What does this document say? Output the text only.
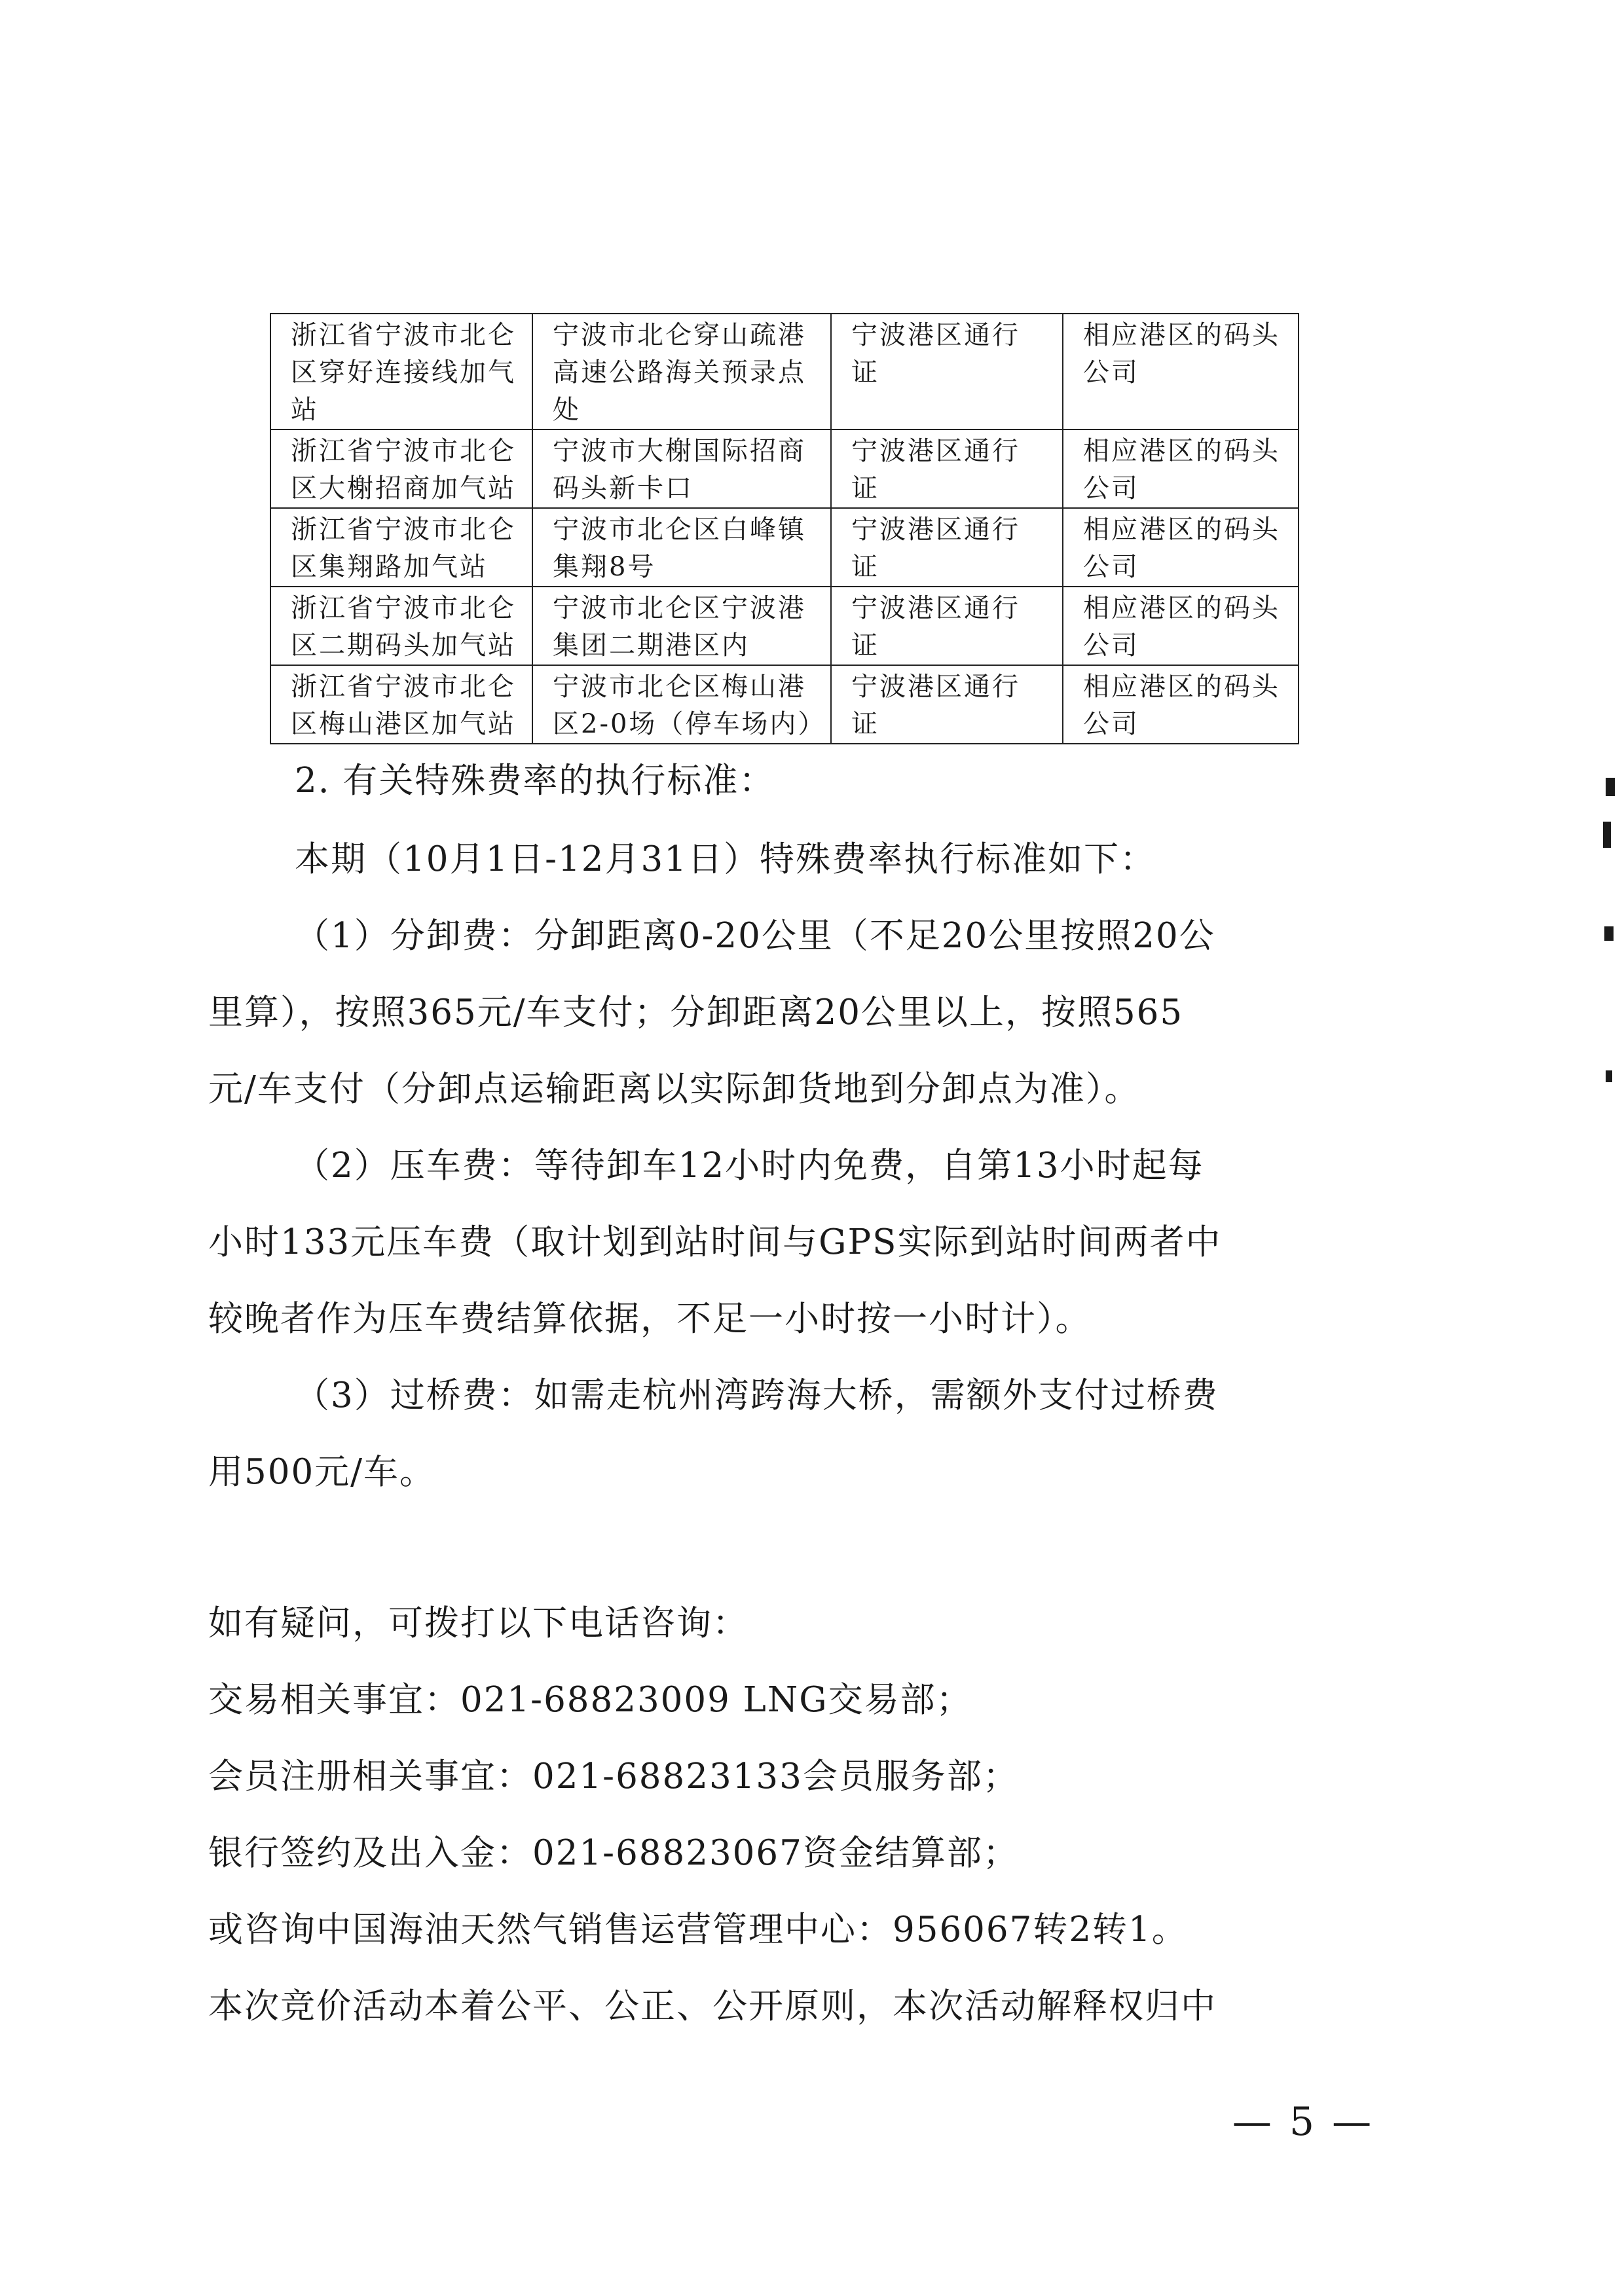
浙江省宁波市北仑区穿好连接线加气站	宁波市北仑穿山疏港高速公路海关预录点处	宁波港区通行证	相应港区的码头公司
浙江省宁波市北仑区大榭招商加气站	宁波市大榭国际招商码头新卡口	宁波港区通行证	相应港区的码头公司
浙江省宁波市北仑区集翔路加气站	宁波市北仑区白峰镇集翔8号	宁波港区通行证	相应港区的码头公司
浙江省宁波市北仑区二期码头加气站	宁波市北仑区宁波港集团二期港区内	宁波港区通行证	相应港区的码头公司
浙江省宁波市北仑区梅山港区加气站	宁波市北仑区梅山港区2-0场（停车场内）	宁波港区通行证	相应港区的码头公司
2. 有关特殊费率的执行标准：
本期（10月1日-12月31日）特殊费率执行标准如下：
（1）分卸费：分卸距离0-20公里（不足20公里按照20公
里算），按照365元/车支付；分卸距离20公里以上，按照565
元/车支付（分卸点运输距离以实际卸货地到分卸点为准）。
（2）压车费：等待卸车12小时内免费，自第13小时起每
小时133元压车费（取计划到站时间与GPS实际到站时间两者中
较晚者作为压车费结算依据，不足一小时按一小时计）。
（3）过桥费：如需走杭州湾跨海大桥，需额外支付过桥费
用500元/车。
如有疑问，可拨打以下电话咨询：
交易相关事宜：021-68823009 LNG交易部；
会员注册相关事宜：021-68823133会员服务部；
银行签约及出入金：021-68823067资金结算部；
或咨询中国海油天然气销售运营管理中心：956067转2转1。
本次竞价活动本着公平、公正、公开原则，本次活动解释权归中
— 5 —
